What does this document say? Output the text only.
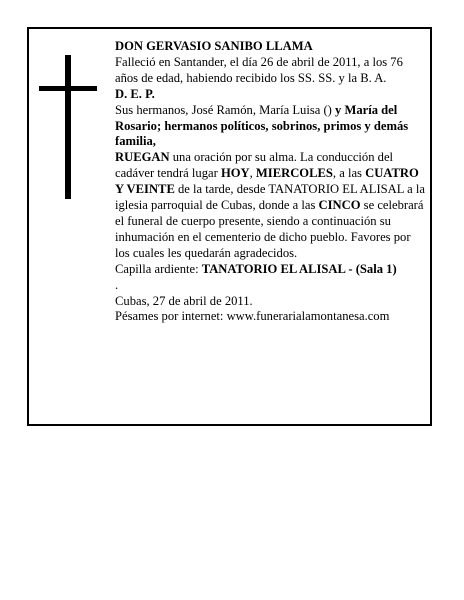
DON GERVASIO SANIBO LLAMA

Falleció en Santander, el día 26 de abril de 2011, a los 76 años de edad, habiendo recibido los SS. SS. y la B. A.

D. E. P.

Sus hermanos, José Ramón, María Luisa () y María del Rosario; hermanos políticos, sobrinos, primos y demás familia,

RUEGAN una oración por su alma. La conducción del cadáver tendrá lugar HOY, MIERCOLES, a las CUATRO Y VEINTE de la tarde, desde TANATORIO EL ALISAL a la iglesia parroquial de Cubas, donde a las CINCO se celebrará el funeral de cuerpo presente, siendo a continuación su inhumación en el cementerio de dicho pueblo. Favores por los cuales les quedarán agradecidos.

Capilla ardiente: TANATORIO EL ALISAL - (Sala 1)

.

Cubas, 27 de abril de 2011.

Pésames por internet: www.funerarialamontanesa.com
